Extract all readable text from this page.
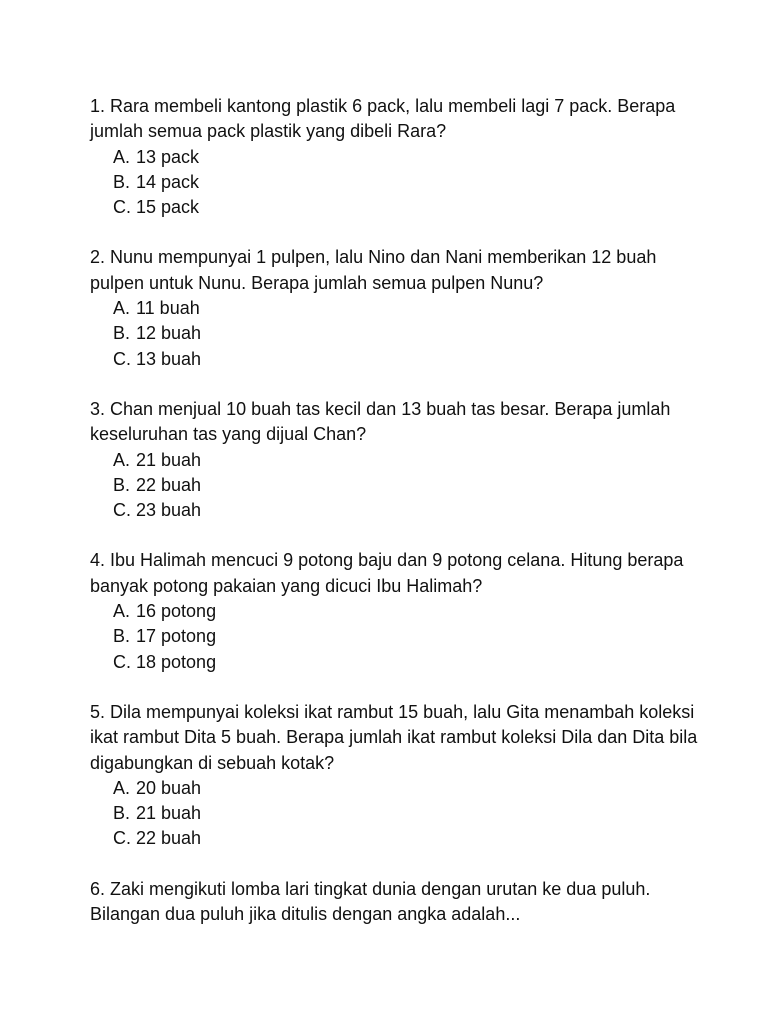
1. Rara membeli kantong plastik 6 pack, lalu membeli lagi 7 pack. Berapa jumlah semua pack plastik yang dibeli Rara?

A. 13 pack
B. 14 pack
C. 15 pack

2. Nunu mempunyai 1 pulpen, lalu Nino dan Nani memberikan 12 buah pulpen untuk Nunu. Berapa jumlah semua pulpen Nunu?

A. 11 buah
B. 12 buah
C. 13 buah

3. Chan menjual 10 buah tas kecil dan 13 buah tas besar. Berapa jumlah keseluruhan tas yang dijual Chan?

A. 21 buah
B. 22 buah
C. 23 buah

4. Ibu Halimah mencuci 9 potong baju dan 9 potong celana. Hitung berapa banyak potong pakaian yang dicuci Ibu Halimah?

A. 16 potong
B. 17 potong
C. 18 potong

5. Dila mempunyai koleksi ikat rambut 15 buah, lalu Gita menambah koleksi ikat rambut Dita 5 buah. Berapa jumlah ikat rambut koleksi Dila dan Dita bila digabungkan di sebuah kotak?

A. 20 buah
B. 21 buah
C. 22 buah

6. Zaki mengikuti lomba lari tingkat dunia dengan urutan ke dua puluh. Bilangan dua puluh jika ditulis dengan angka adalah...
